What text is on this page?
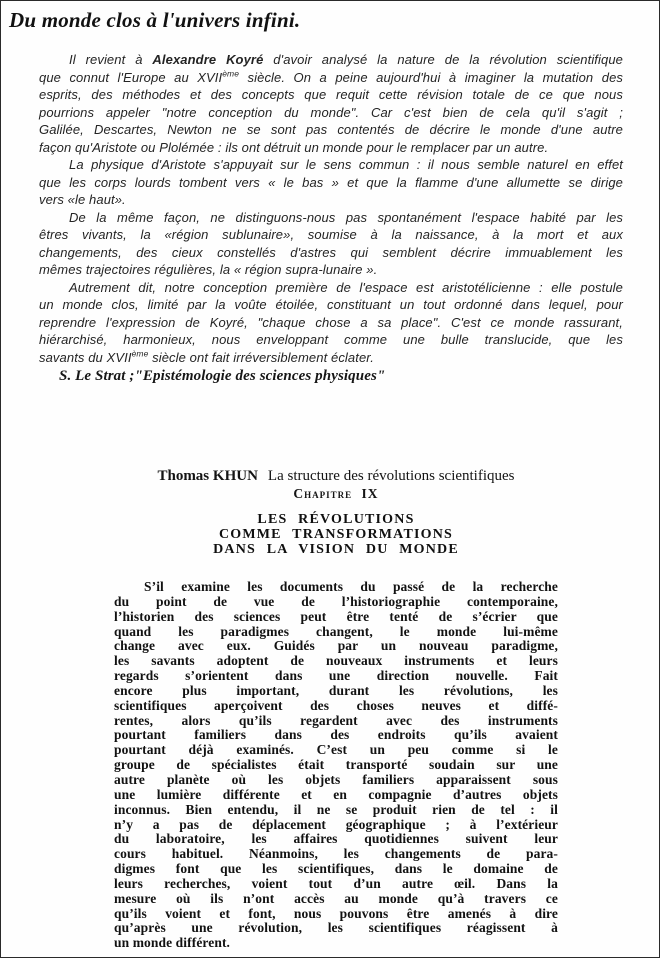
Du monde clos à l'univers infini.
Il revient à Alexandre Koyré d'avoir analysé la nature de la révolution scientifique
que connut l'Europe au XVIIème siècle. On a peine aujourd'hui à imaginer la mutation des
esprits, des méthodes et des concepts que requit cette révision totale de ce que nous
pourrions appeler "notre conception du monde". Car c'est bien de cela qu'il s'agit ;
Galilée, Descartes, Newton ne se sont pas contentés de décrire le monde d'une autre
façon qu'Aristote ou Plolémée : ils ont détruit un monde pour le remplacer par un autre.
La physique d'Aristote s'appuyait sur le sens commun : il nous semble naturel en effet
que les corps lourds tombent vers « le bas » et que la flamme d'une allumette se dirige
vers «le haut».
De la même façon, ne distinguons-nous pas spontanément l'espace habité par les
êtres vivants, la «région sublunaire», soumise à la naissance, à la mort et aux
changements, des cieux constellés d'astres qui semblent décrire immuablement les
mêmes trajectoires régulières, la « région supra-lunaire ».
Autrement dit, notre conception première de l'espace est aristotélicienne : elle postule
un monde clos, limité par la voûte étoilée, constituant un tout ordonné dans lequel, pour
reprendre l'expression de Koyré, "chaque chose a sa place". C'est ce monde rassurant,
hiérarchisé, harmonieux, nous enveloppant comme une bulle translucide, que les
savants du XVIIème siècle ont fait irréversiblement éclater.
S. Le Strat ;"Epistémologie des sciences physiques"
Thomas KHUN La structure des révolutions scientifiques
Chapitre IX
LES RÉVOLUTIONS
COMME TRANSFORMATIONS
DANS LA VISION DU MONDE
S’il examine les documents du passé de la recherche
du point de vue de l’historiographie contemporaine,
l’historien des sciences peut être tenté de s’écrier que
quand les paradigmes changent, le monde lui-même
change avec eux. Guidés par un nouveau paradigme,
les savants adoptent de nouveaux instruments et leurs
regards s’orientent dans une direction nouvelle. Fait
encore plus important, durant les révolutions, les
scientifiques aperçoivent des choses neuves et diffé-
rentes, alors qu’ils regardent avec des instruments
pourtant familiers dans des endroits qu’ils avaient
pourtant déjà examinés. C’est un peu comme si le
groupe de spécialistes était transporté soudain sur une
autre planète où les objets familiers apparaissent sous
une lumière différente et en compagnie d’autres objets
inconnus. Bien entendu, il ne se produit rien de tel : il
n’y a pas de déplacement géographique ; à l’extérieur
du laboratoire, les affaires quotidiennes suivent leur
cours habituel. Néanmoins, les changements de para-
digmes font que les scientifiques, dans le domaine de
leurs recherches, voient tout d’un autre œil. Dans la
mesure où ils n’ont accès au monde qu’à travers ce
qu’ils voient et font, nous pouvons être amenés à dire
qu’après une révolution, les scientifiques réagissent à
un monde différent.
